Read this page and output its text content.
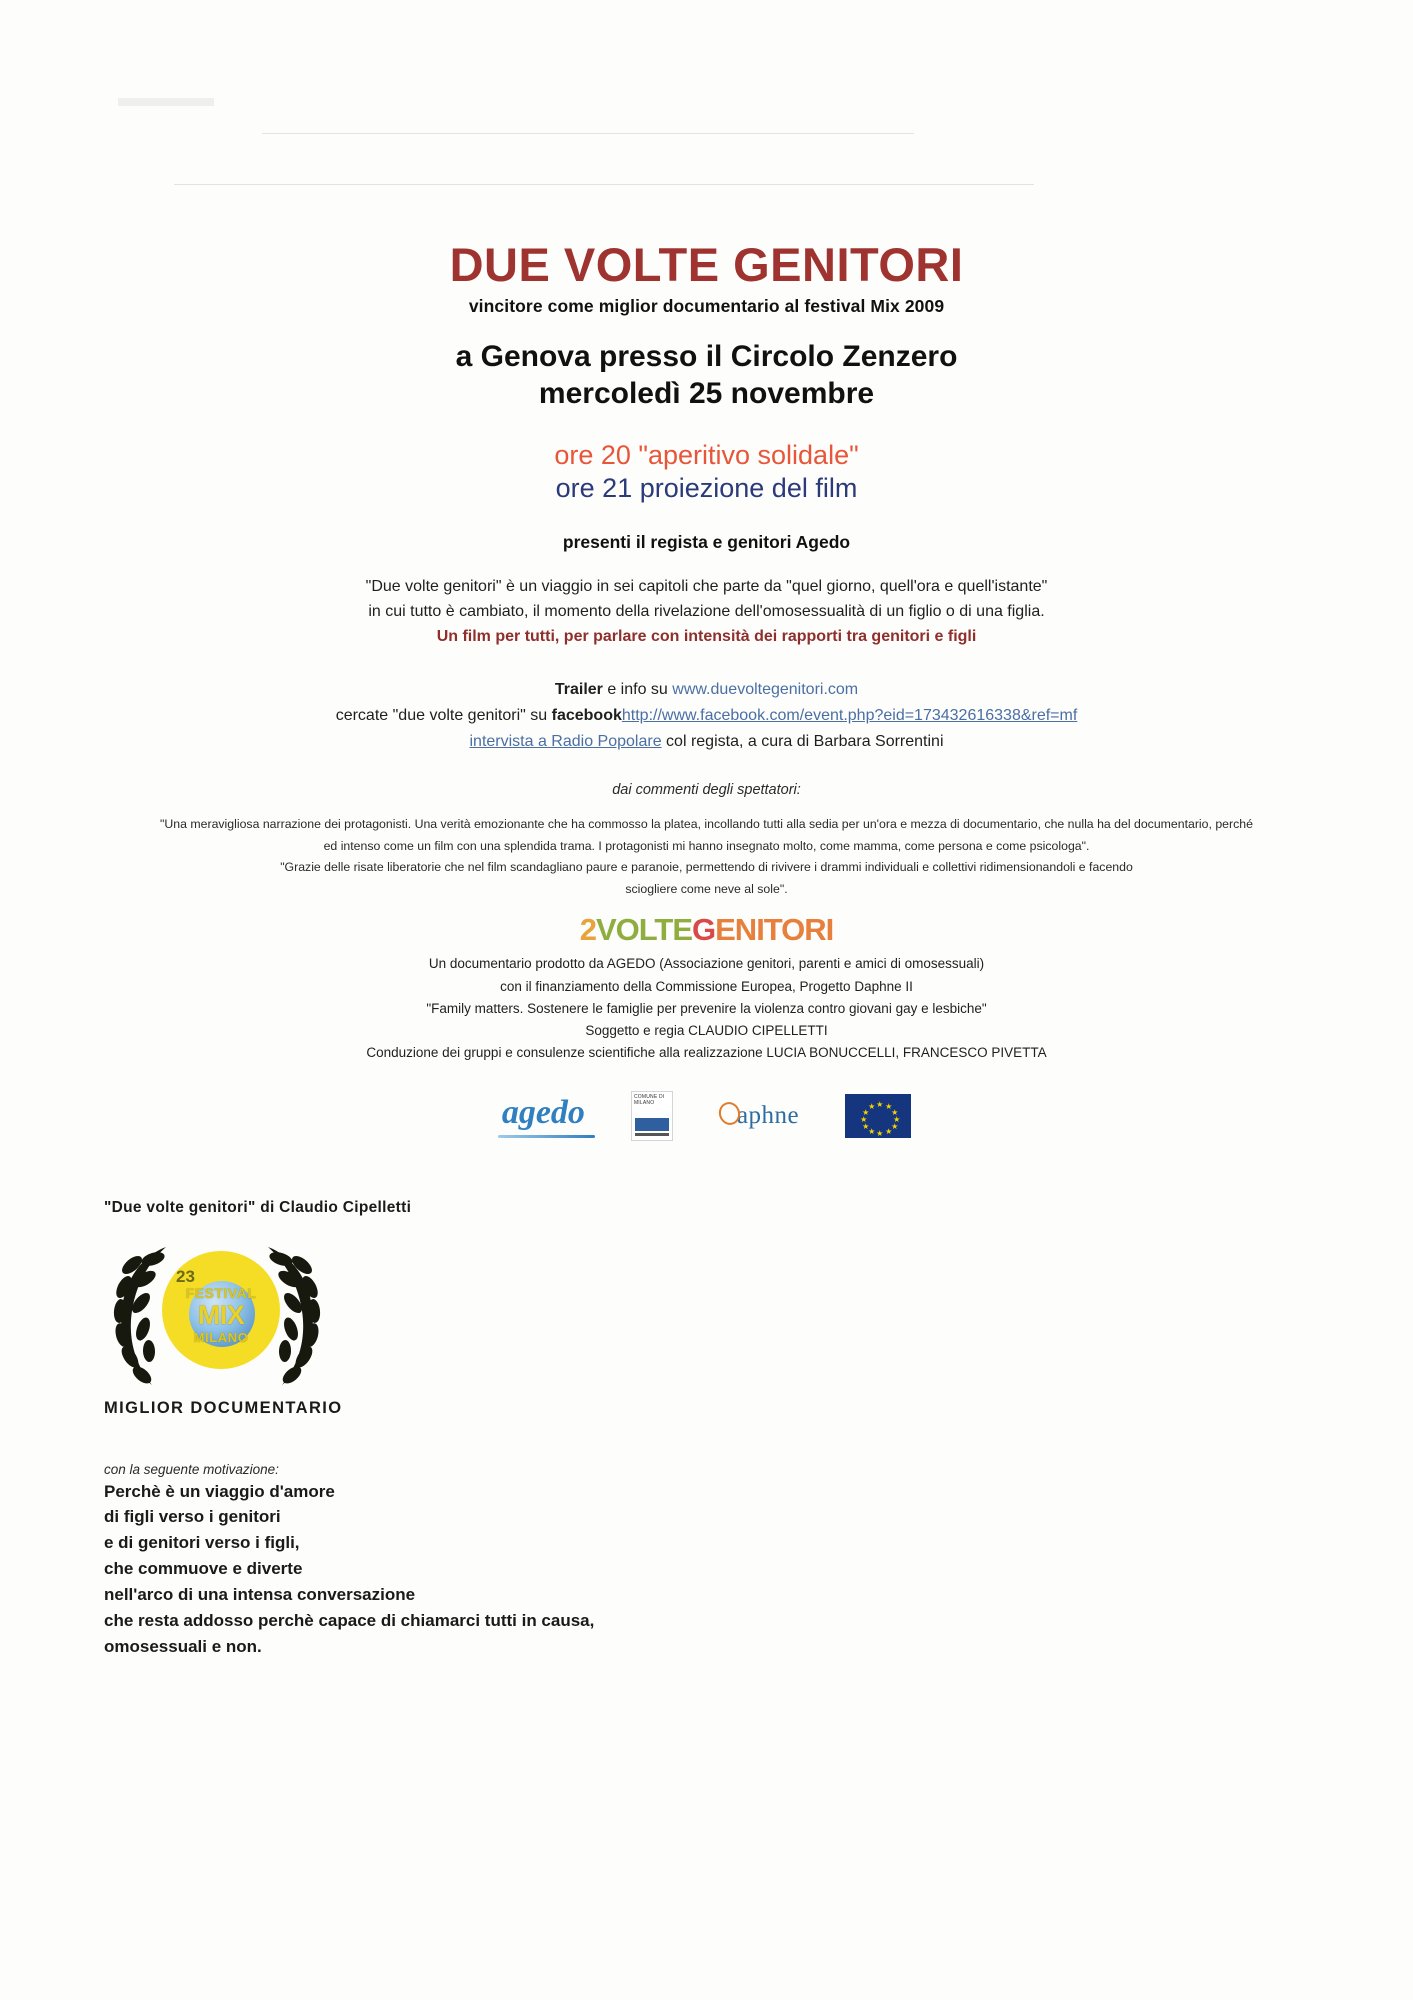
DUE VOLTE GENITORI
vincitore come miglior documentario al festival Mix 2009
a Genova presso il Circolo Zenzero
mercoledì 25 novembre
ore 20 "aperitivo solidale"
ore 21 proiezione del film
presenti il regista e genitori Agedo
"Due volte genitori" è un viaggio in sei capitoli che parte da "quel giorno, quell'ora e quell'istante"
in cui tutto è cambiato, il momento della rivelazione dell'omosessualità di un figlio o di una figlia.
Un film per tutti, per parlare con intensità dei rapporti tra genitori e figli
Trailer e info su www.duevoltegenitori.com
cercate "due volte genitori" su facebookhttp://www.facebook.com/event.php?eid=173432616338&ref=mf
intervista a Radio Popolare col regista, a cura di Barbara Sorrentini
dai commenti degli spettatori:
"Una meravigliosa narrazione dei protagonisti. Una verità emozionante che ha commosso la platea, incollando tutti alla sedia per un'ora e mezza di documentario, che nulla ha del documentario, perché
ed intenso come un film con una splendida trama. I protagonisti mi hanno insegnato molto, come mamma, come persona e come psicologa".
"Grazie delle risate liberatorie che nel film scandagliano paure e paranoie, permettendo di rivivere i drammi individuali e collettivi ridimensionandoli e facendo
sciogliere come neve al sole".
2VOLTEGENITORI
Un documentario prodotto da AGEDO (Associazione genitori, parenti e amici di omosessuali)
con il finanziamento della Commissione Europea, Progetto Daphne II
"Family matters. Sostenere le famiglie per prevenire la violenza contro giovani gay e lesbiche"
Soggetto e regia CLAUDIO CIPELLETTI
Conduzione dei gruppi e consulenze scientifiche alla realizzazione LUCIA BONUCCELLI, FRANCESCO PIVETTA
agedo	COMUNE DI MILANO	aphne	★ ★
★
★
★
★
★
★
★
★
★
★
"Due volte genitori" di Claudio Cipelletti
23
FESTIVAL
MIX
MILANO
MIGLIOR DOCUMENTARIO
con la seguente motivazione:
Perchè è un viaggio d'amore
di figli verso i genitori
e di genitori verso i figli,
che commuove e diverte
nell'arco di una intensa conversazione
che resta addosso perchè capace di chiamarci tutti in causa,
omosessuali e non.
